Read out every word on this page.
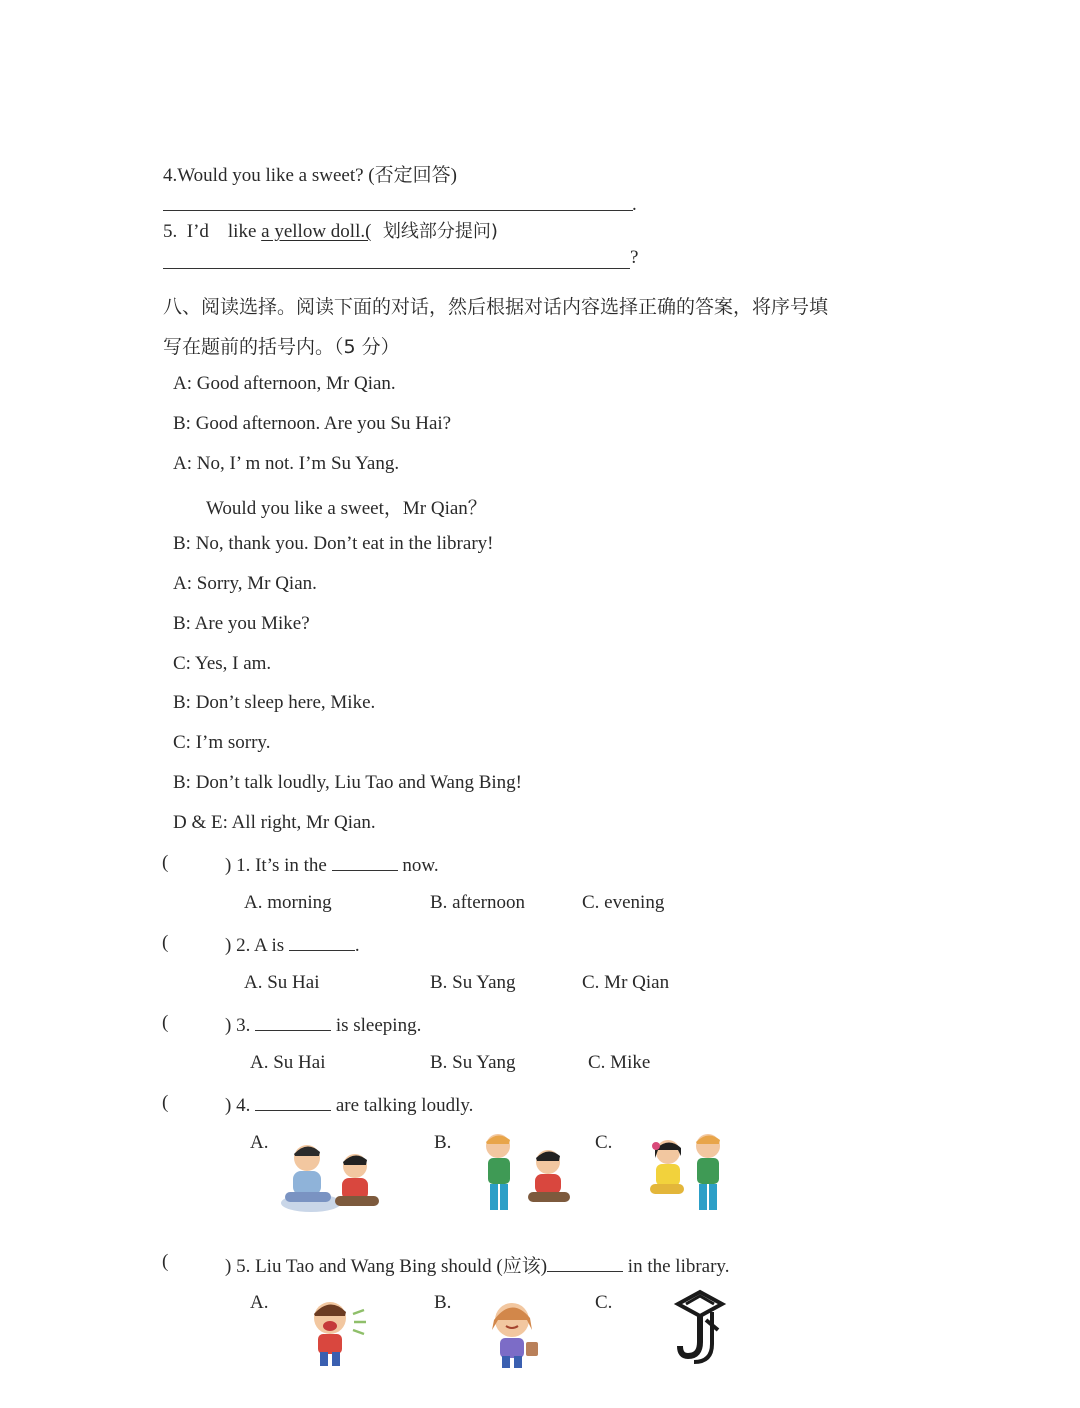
4.Would you like a sweet? (否定回答)
.
5.  I’d    like a yellow doll.(  划线部分提问)
?
八、阅读选择。阅读下面的对话，然后根据对话内容选择正确的答案，将序号填
写在题前的括号内。（5 分）
A: Good afternoon, Mr Qian.
B: Good afternoon. Are you Su Hai?
A: No, I’ m not. I’m Su Yang.
Would you like a sweet，Mr Qian？
B: No, thank you. Don’t eat in the library!
A: Sorry, Mr Qian.
B: Are you Mike?
C: Yes, I am.
B: Don’t sleep here, Mike.
C: I’m sorry.
B: Don’t talk loudly, Liu Tao and Wang Bing!
D & E: All right, Mr Qian.
(	) 1. It’s in the	now.
A. morning	B. afternoon	C. evening
(	) 2. A is	.
A. Su Hai	B. Su Yang	C. Mr Qian
(	) 3.	is sleeping.
A. Su Hai	B. Su Yang	C. Mike
(	) 4.	are talking loudly.
A.	B.	C.
(	) 5. Liu Tao and Wang Bing should (应该)	in the library.
A.	B.	C.
